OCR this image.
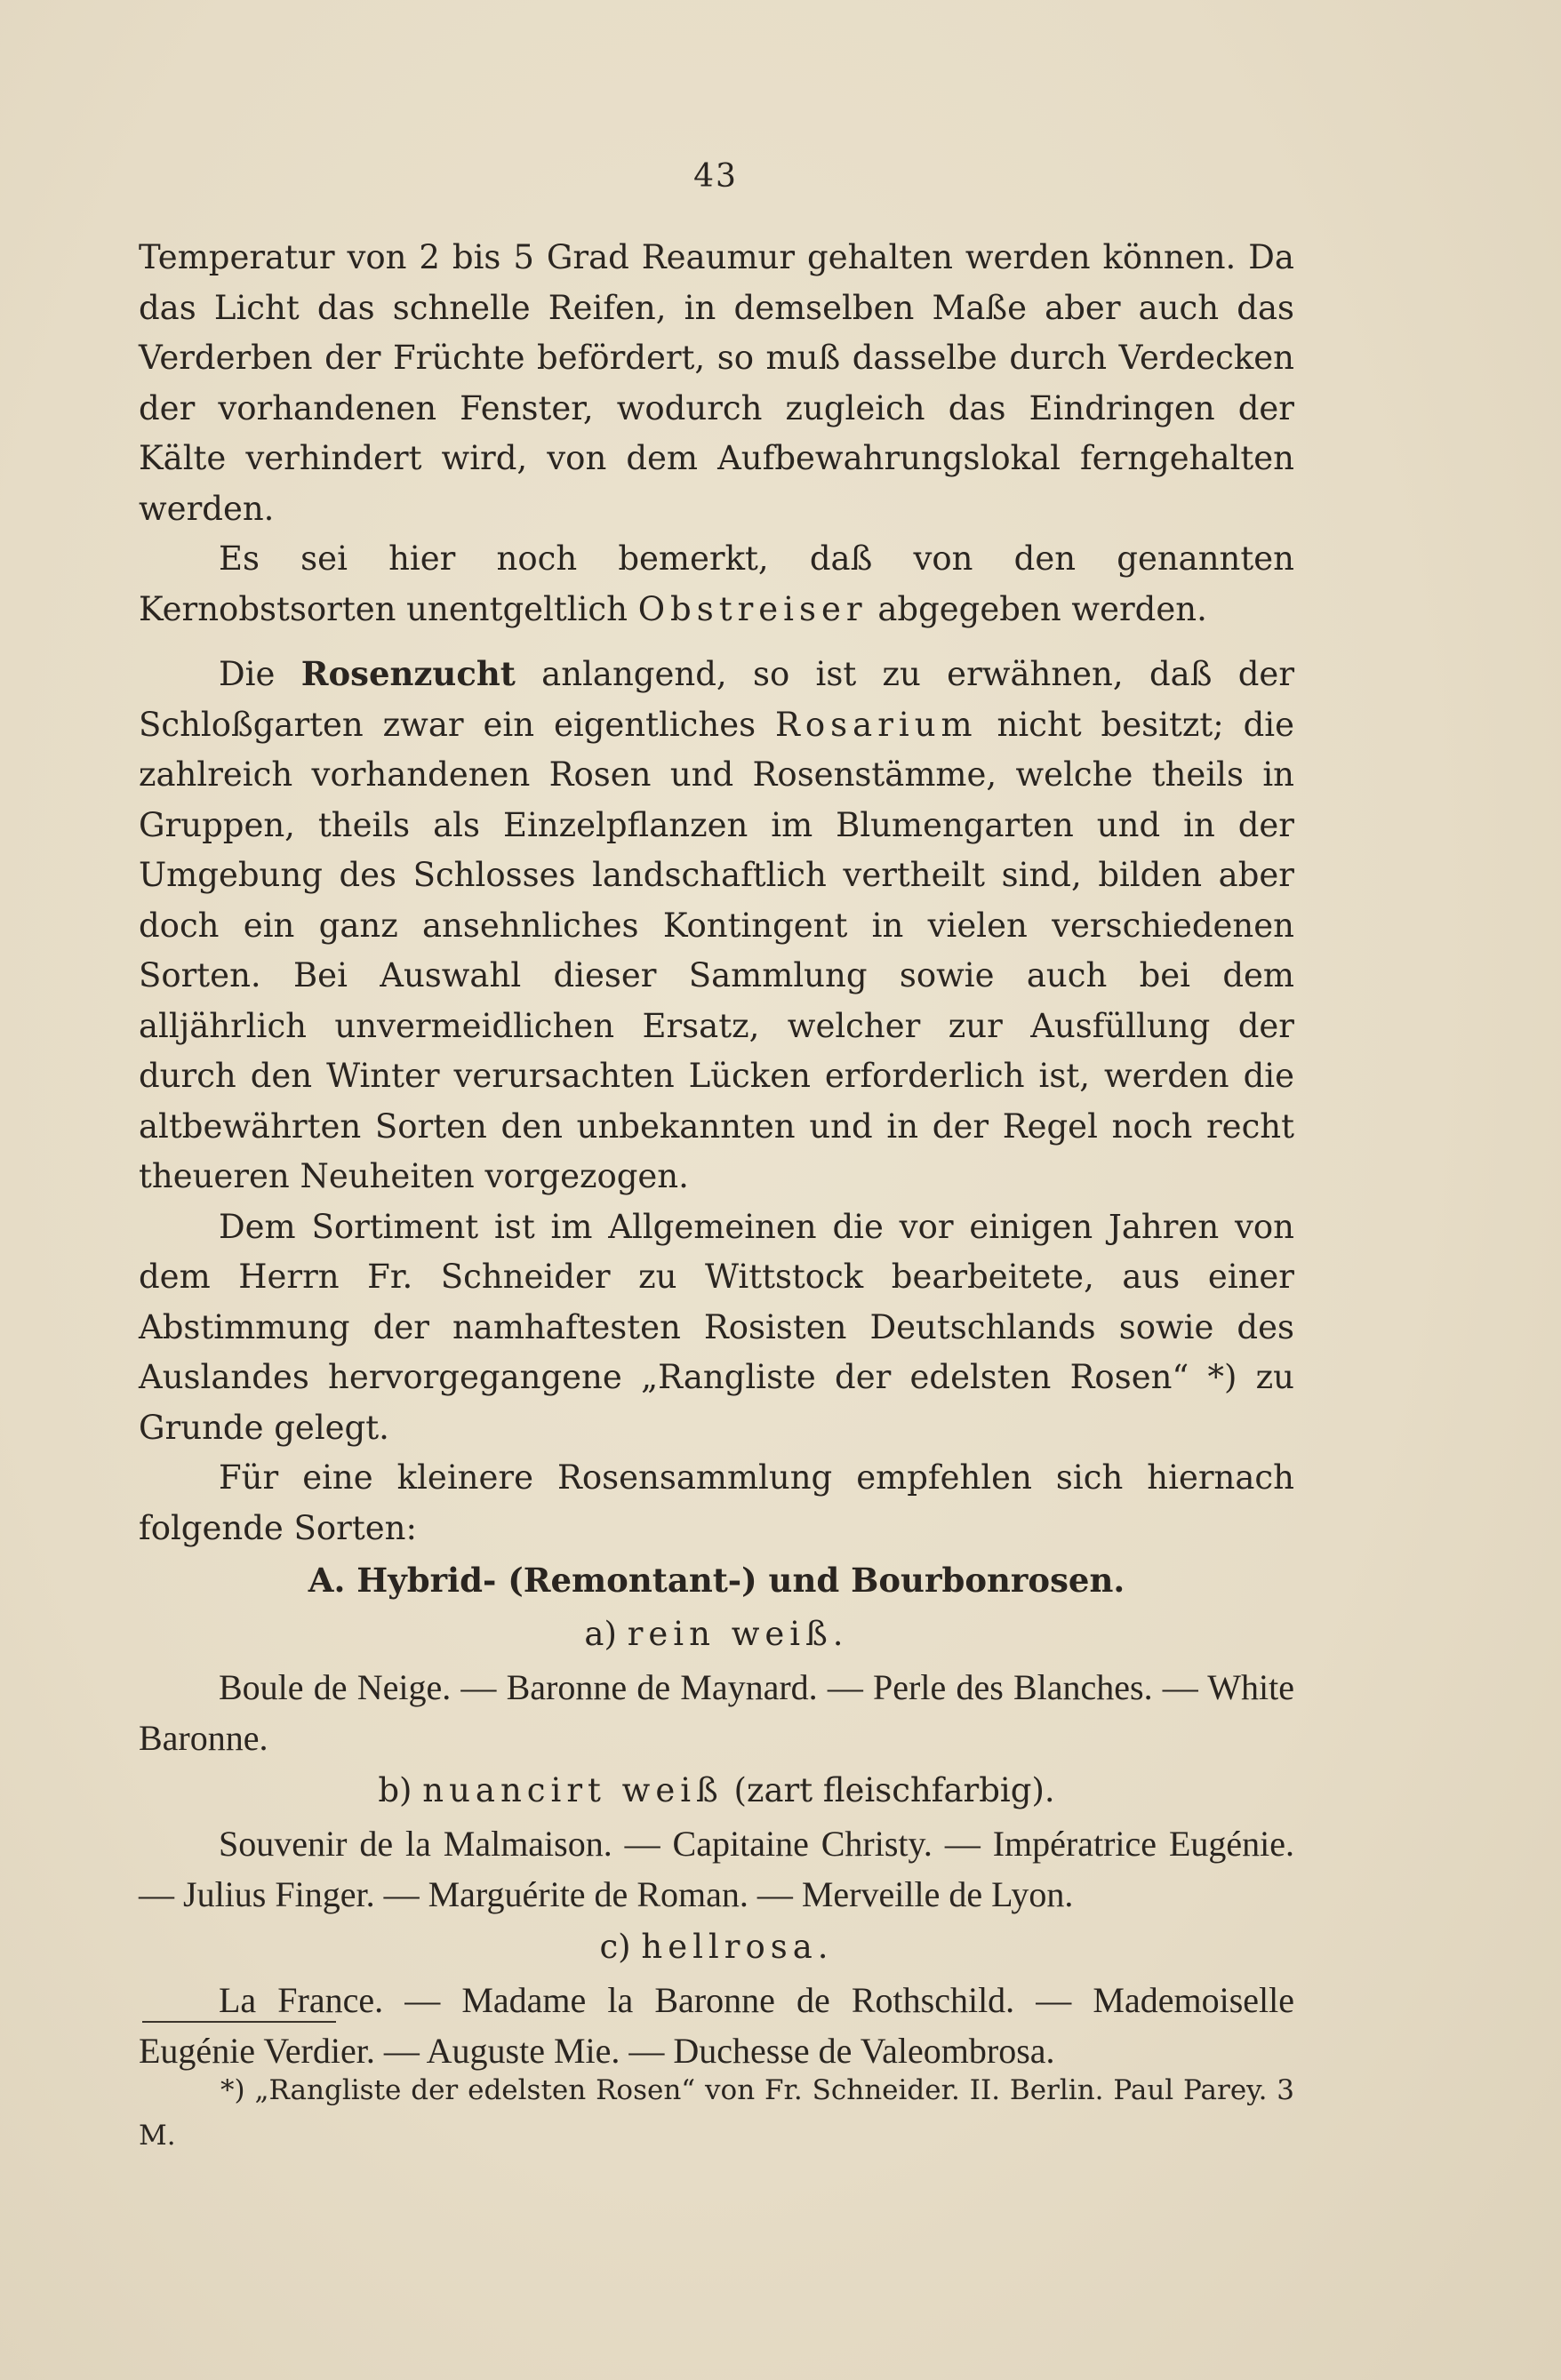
43

Temperatur von 2 bis 5 Grad Reaumur gehalten werden können. Da das Licht das schnelle Reifen, in demselben Maße aber auch das Verderben der Früchte befördert, so muß dasselbe durch Verdecken der vorhandenen Fenster, wodurch zugleich das Eindringen der Kälte verhindert wird, von dem Aufbewahrungslokal ferngehalten werden.

Es sei hier noch bemerkt, daß von den genannten Kernobstsorten unentgeltlich Obstreiser abgegeben werden.

Die Rosenzucht anlangend, so ist zu erwähnen, daß der Schloßgarten zwar ein eigentliches Rosarium nicht besitzt; die zahlreich vorhandenen Rosen und Rosenstämme, welche theils in Gruppen, theils als Einzelpflanzen im Blumengarten und in der Umgebung des Schlosses landschaftlich vertheilt sind, bilden aber doch ein ganz ansehnliches Kontingent in vielen verschiedenen Sorten. Bei Auswahl dieser Sammlung sowie auch bei dem alljährlich unvermeidlichen Ersatz, welcher zur Ausfüllung der durch den Winter verursachten Lücken erforderlich ist, werden die altbewährten Sorten den unbekannten und in der Regel noch recht theueren Neuheiten vorgezogen.

Dem Sortiment ist im Allgemeinen die vor einigen Jahren von dem Herrn Fr. Schneider zu Wittstock bearbeitete, aus einer Abstimmung der namhaftesten Rosisten Deutschlands sowie des Auslandes hervorgegangene „Rangliste der edelsten Rosen“ *) zu Grunde gelegt.

Für eine kleinere Rosensammlung empfehlen sich hiernach folgende Sorten:

A. Hybrid- (Remontant-) und Bourbonrosen.
a) rein weiß.

Boule de Neige. — Baronne de Maynard. — Perle des Blanches. — White Baronne.

b) nuancirt weiß (zart fleischfarbig).

Souvenir de la Malmaison. — Capitaine Christy. — Impératrice Eugénie. — Julius Finger. — Marguérite de Roman. — Merveille de Lyon.

c) hellrosa.

La France. — Madame la Baronne de Rothschild. — Mademoiselle Eugénie Verdier. — Auguste Mie. — Duchesse de Valeombrosa.

*) „Rangliste der edelsten Rosen“ von Fr. Schneider. II. Berlin. Paul Parey. 3 M.
